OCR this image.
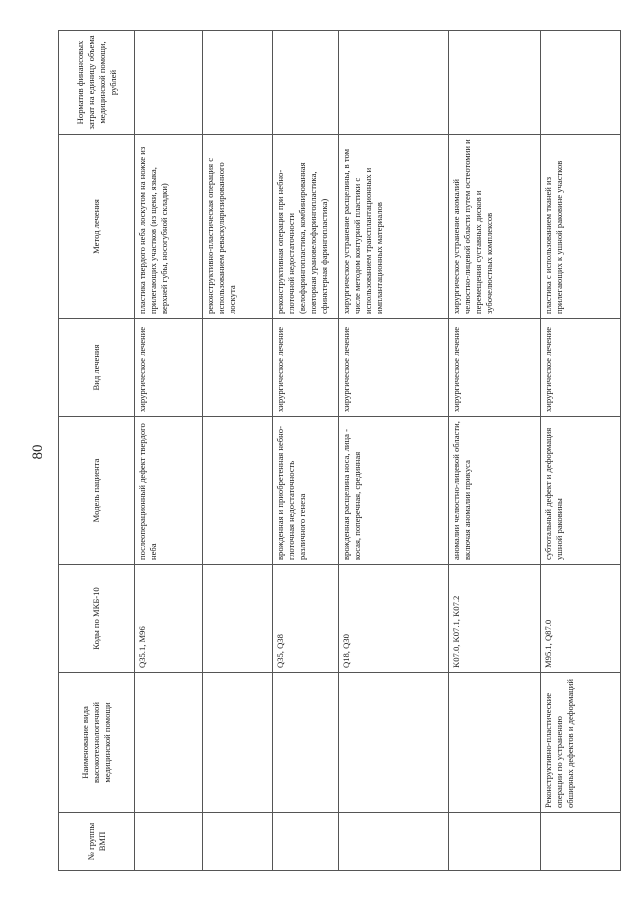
80
№ группы ВМП	Наименование вида высокотехнологичной медицинской помощи	Коды по МКБ-10	Модель пациента	Вид лечения	Метод лечения	Норматив финансовых затрат на единицу объема медицинской помощи, рублей
		Q35.1, M96	послеоперационный дефект твердого неба	хирургическое лечение	пластика твердого неба лоскутом на ножке из прилегающих участков (из щеки, языка, верхней губы, носогубной складки)	
					реконструктивно-пластическая операция с использованием реваскуляризированного лоскута	
		Q35, Q38	врожденная и приобретенная небно-глоточная недостаточность различного генеза	хирургическое лечение	реконструктивная операция при небно-глоточной недостаточности (велофарингопластика, комбинированная повторная урановелофарингопластика, сфинктерная фарингопластика)	
		Q18, Q30	врожденная расщелина носа, лица - косая, поперечная, срединная	хирургическое лечение	хирургическое устранение расщелины, в том числе методом контурной пластики с использованием трансплантационных и имплантационных материалов	
		K07.0, K07.1, K07.2	аномалии челюстно-лицевой области, включая аномалии прикуса	хирургическое лечение	хирургическое устранение аномалий челюстно-лицевой области путем остеотомии и перемещения суставных дисков и зубочелюстных комплексов	
	Реконструктивно-пластические операции по устранению обширных дефектов и деформаций	M95.1, Q87.0	субтотальный дефект и деформация ушной раковины	хирургическое лечение	пластика с использованием тканей из прилегающих к ушной раковине участков	
